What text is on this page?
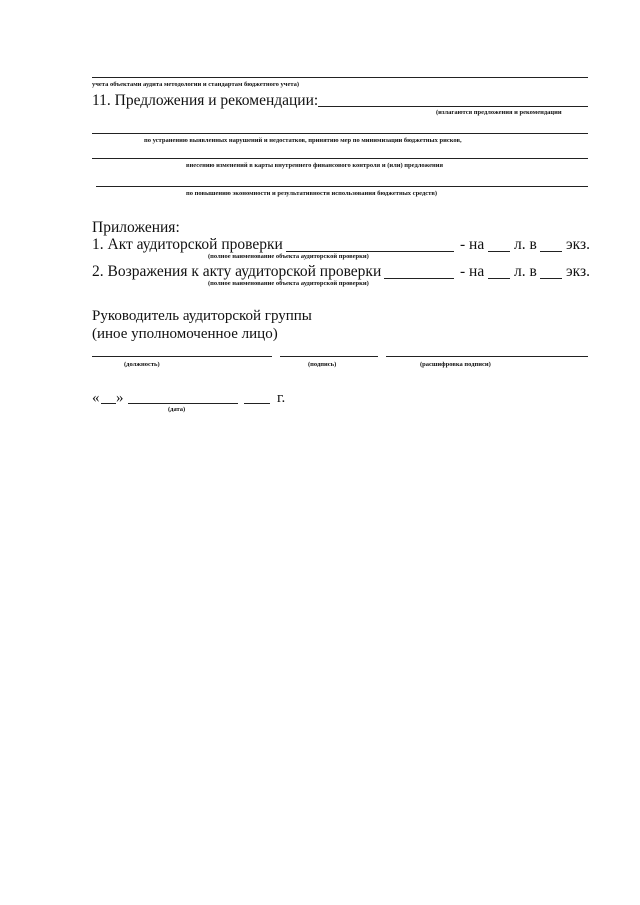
учета объектами аудита методологии и стандартам бюджетного учета)
11. Предложения и рекомендации:
(излагаются предложения и рекомендации
по устранению выявленных нарушений и недостатков, принятию мер по минимизации бюджетных рисков,
внесению изменений в карты внутреннего финансового контроля и (или) предложения
по повышению экономности и результативности использования бюджетных средств)
Приложения:
1. Акт аудиторской проверки	- на л. в экз.
(полное наименование объекта аудиторской проверки)
2. Возражения к акту аудиторской проверки	- на л. в экз.
(полное наименование объекта аудиторской проверки)
Руководитель аудиторской группы
(иное уполномоченное лицо)
(должность)	(подпись)	(расшифровка подписи)
« »	г.
(дата)
